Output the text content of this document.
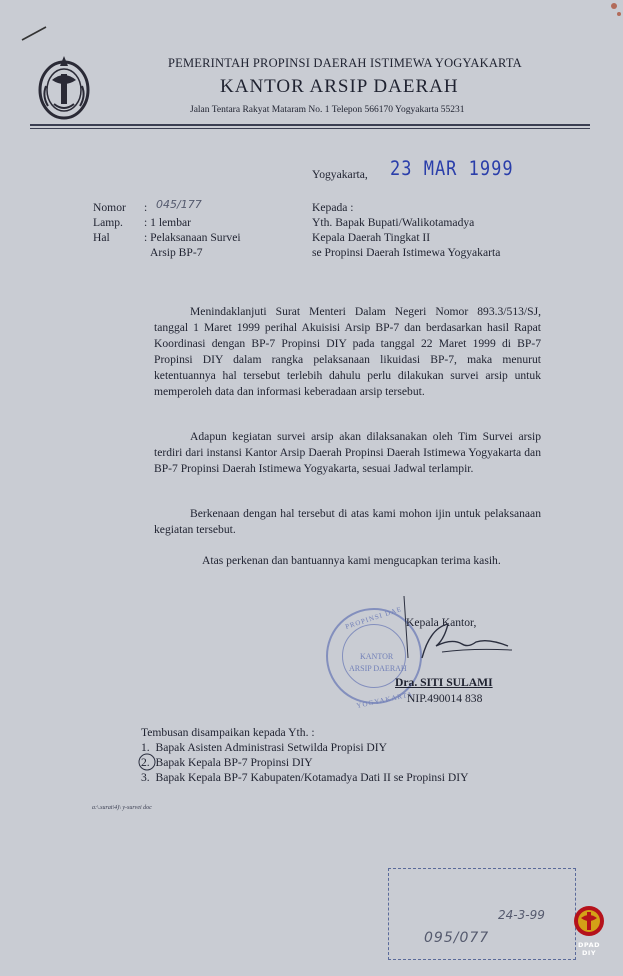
PEMERINTAH PROPINSI DAERAH ISTIMEWA YOGYAKARTA
KANTOR ARSIP DAERAH
Jalan Tentara Rakyat Mataram No. 1 Telepon 566170 Yogyakarta 55231
Yogyakarta, 23 MAR 1999
Nomor : 045/177
Lamp. : 1 lembar
Hal	: Pelaksanaan Survei
Arsip BP-7
Kepada :
Yth. Bapak Bupati/Walikotamadya
Kepala Daerah Tingkat II
se Propinsi Daerah Istimewa Yogyakarta
Menindaklanjuti Surat Menteri Dalam Negeri Nomor 893.3/513/SJ, tanggal 1 Maret 1999 perihal Akuisisi Arsip BP-7 dan berdasarkan hasil Rapat Koordinasi dengan BP-7 Propinsi DIY pada tanggal 22 Maret 1999 di BP-7 Propinsi DIY dalam rangka pelaksanaan likuidasi BP-7, maka menurut ketentuannya hal tersebut terlebih dahulu perlu dilakukan survei arsip untuk memperoleh data dan informasi keberadaan arsip tersebut.
Adapun kegiatan survei arsip akan dilaksanakan oleh Tim Survei arsip terdiri dari instansi Kantor Arsip Daerah Propinsi Daerah Istimewa Yogyakarta dan BP-7 Propinsi Daerah Istimewa Yogyakarta, sesuai Jadwal terlampir.
Berkenaan dengan hal tersebut di atas kami mohon ijin untuk pelaksanaan kegiatan tersebut.
Atas perkenan dan bantuannya kami mengucapkan terima kasih.
PROPINSI DAE
KANTOR
ARSIP DAERAH
YOGYAKARTA
Kepala Kantor,
Dra. SITI SULAMI
NIP.490014 838
Tembusan disampaikan kepada Yth. :
1.  Bapak Asisten Administrasi Setwilda Propisi DIY
2.  Bapak Kepala BP-7 Propinsi DIY
3.  Bapak Kepala BP-7 Kabupaten/Kotamadya Dati II se Propinsi DIY
a:\.surat\4)\ y-survei doc
24-3-99
095/077	DPAD
DIY
